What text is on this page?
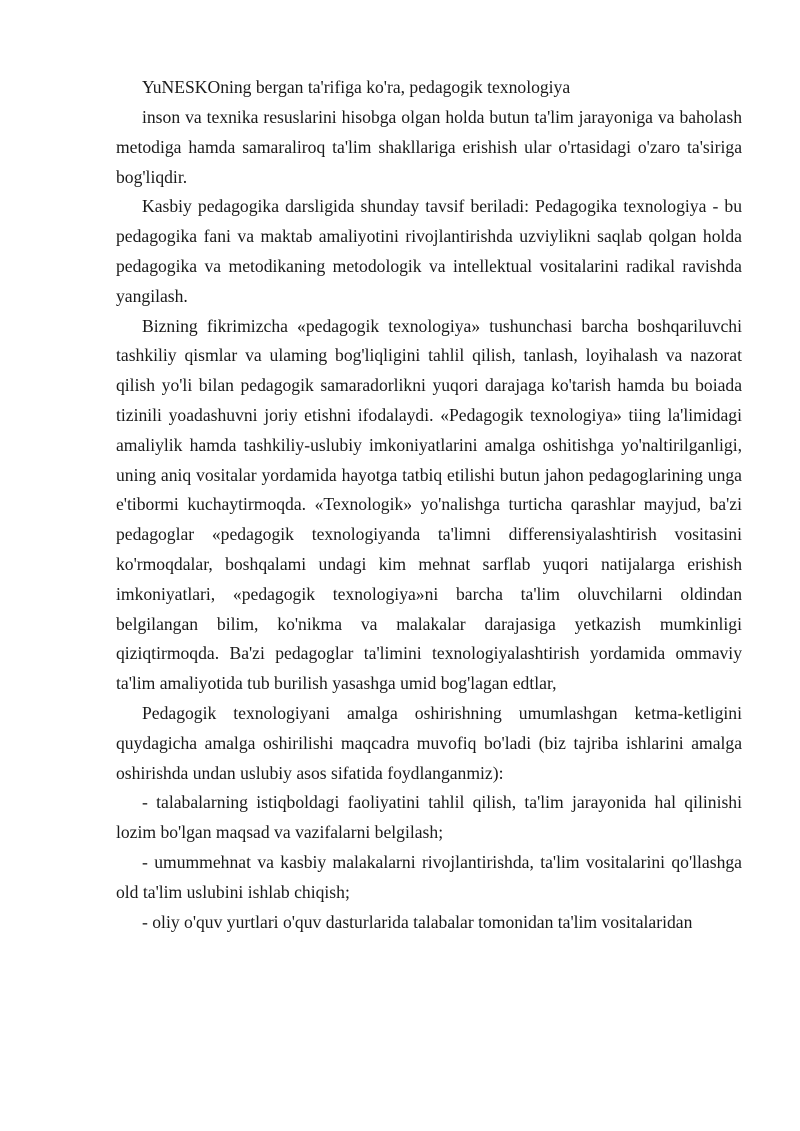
YuNESKOning bergan ta'rifiga ko'ra, pedagogik texnologiya

inson va texnika resuslarini hisobga olgan holda butun ta'lim jarayoniga va baholash metodiga hamda samaraliroq ta'lim shakllariga erishish ular o'rtasidagi o'zaro ta'siriga bog'liqdir.

Kasbiy pedagogika darsligida shunday tavsif beriladi: Pedagogika texnologiya - bu pedagogika fani va maktab amaliyotini rivojlantirishda uzviylikni saqlab qolgan holda pedagogika va metodikaning metodologik va intellektual vositalarini radikal ravishda yangilash.

Bizning fikrimizcha «pedagogik texnologiya» tushunchasi barcha boshqariluvchi tashkiliy qismlar va ulaming bog'liqligini tahlil qilish, tanlash, loyihalash va nazorat qilish yo'li bilan pedagogik samaradorlikni yuqori darajaga ko'tarish hamda bu boiada tizinili yoadashuvni joriy etishni ifodalaydi. «Pedagogik texnologiya» tiing la'limidagi amaliylik hamda tashkiliy-uslubiy imkoniyatlarini amalga oshitishga yo'naltirilganligi, uning aniq vositalar yordamida hayotga tatbiq etilishi butun jahon pedagoglarining unga e'tibormi kuchaytirmoqda. «Texnologik» yo'nalishga turticha qarashlar mayjud, ba'zi pedagoglar «pedagogik texnologiyanda ta'limni differensiyalashtirish vositasini ko'rmoqdalar, boshqalami undagi kim mehnat sarflab yuqori natijalarga erishish imkoniyatlari, «pedagogik texnologiya»ni barcha ta'lim oluvchilarni oldindan belgilangan bilim, ko'nikma va malakalar darajasiga yetkazish mumkinligi qiziqtirmoqda. Ba'zi pedagoglar ta'limini texnologiyalashtirish yordamida ommaviy ta'lim amaliyotida tub burilish yasashga umid bog'lagan edtlar,

Pedagogik texnologiyani amalga oshirishning umumlashgan ketma-ketligini quydagicha amalga oshirilishi maqcadra muvofiq bo'ladi (biz tajriba ishlarini amalga oshirishda undan uslubiy asos sifatida foydlanganmiz):

- talabalarning istiqboldagi faoliyatini tahlil qilish, ta'lim jarayonida hal qilinishi lozim bo'lgan maqsad va vazifalarni belgilash;

- umummehnat va kasbiy malakalarni rivojlantirishda, ta'lim vositalarini qo'llashga old ta'lim uslubini ishlab chiqish;

- oliy o'quv yurtlari o'quv dasturlarida talabalar tomonidan ta'lim vositalaridan
